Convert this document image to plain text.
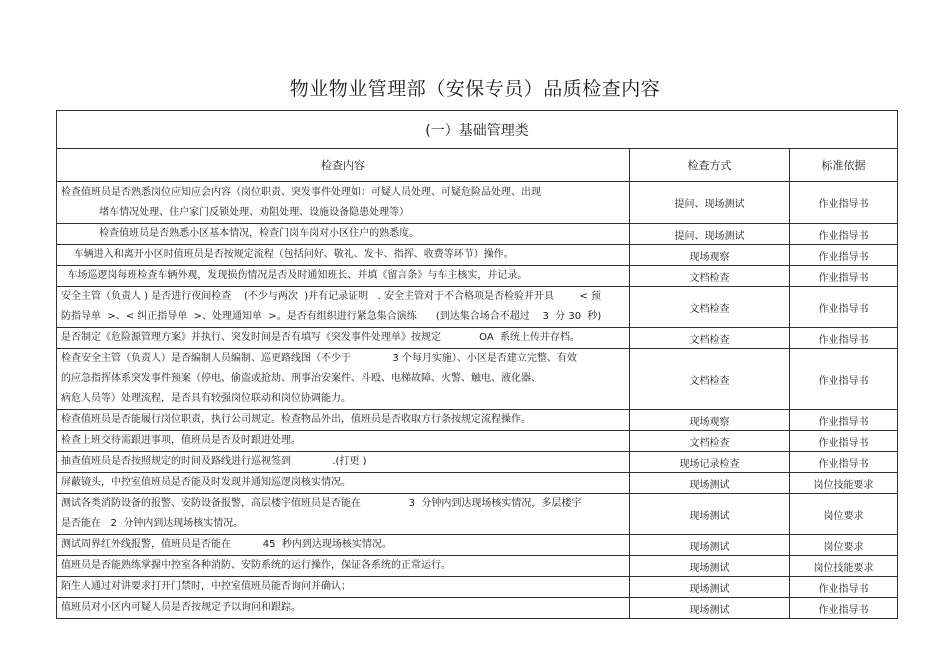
物业物业管理部（安保专员）品质检查内容
(一）基础管理类		
检查内容	检查方式	标准依据

检查值班员是否熟悉岗位应知应会内容（岗位职责、突发事件处理如：可疑人员处理、可疑危险品处理、出现
堵车情况处理、住户家门反锁处理、劝阻处理、设施设备隐患处理等）	提问、现场测试	作业指导书

检查值班员是否熟悉小区基本情况，检查门岗车岗对小区住户的熟悉度。	提问、现场测试	作业指导书

车辆进入和离开小区时值班员是否按规定流程（包括问好、敬礼、发卡、指挥、收费等环节）操作。	现场观察	作业指导书

车场巡逻岗每班检查车辆外观，发现损伤情况是否及时通知班长、并填《留言条》与车主核实，并记录。	文档检查	作业指导书

安全主管（负责人 ) 是否进行夜间检查    (不少与两次  )并有记录证明   . 安全主管对于不合格项是否检验并开具        < 预
防指导单  >、< 纠正指导单  >、处理通知单  >。是否有组织进行紧急集合演练      (到达集合场合不超过    3  分 30  秒)	文档检查	作业指导书

是否制定《危险源管理方案》并执行、突发时间是否有填写《突发事件处理单》按规定            OA  系统上传并存档。	文档检查	作业指导书

检查安全主管（负责人）是否编制人员编制、巡更路线图（不少于             3 个每月实施）、小区是否建立完整、有效
的应急指挥体系突发事件预案（停电、偷盗或抢劫、刑事治安案件、斗殴、电梯故障、火警、触电、液化器、
病危人员等）处理流程，是否具有较强岗位联动和岗位协调能力。	文档检查	作业指导书

检查值班员是否能履行岗位职责，执行公司规定。检查物品外出，值班员是否收取方行条按规定流程操作。	现场观察	作业指导书

检查上班交待需跟进事项，值班员是否及时跟进处理。	文档检查	作业指导书

抽查值班员是否按照规定的时间及路线进行巡视签到             .(打更 )	现场记录检查	作业指导书

屏蔽镜头，中控室值班员是否能及时发现并通知巡逻岗核实情况。	现场测试	岗位技能要求

测试各类消防设备的报警、安防设备报警，高层楼宇值班员是否能在               3  分钟内到达现场核实情况，多层楼宇
是否能在   2  分钟内到达现场核实情况。	现场测试	岗位要求

测试周界红外线报警，值班员是否能在          45  秒内到达现场核实情况。	现场测试	岗位要求

值班员是否能熟练掌握中控室各种消防、安防系统的运行操作，保证各系统的正常运行。	现场测试	岗位技能要求

陌生人通过对讲要求打开门禁时，中控室值班员能否询问并确认；	现场测试	作业指导书

值班员对小区内可疑人员是否按规定予以询问和跟踪。	现场测试	作业指导书
